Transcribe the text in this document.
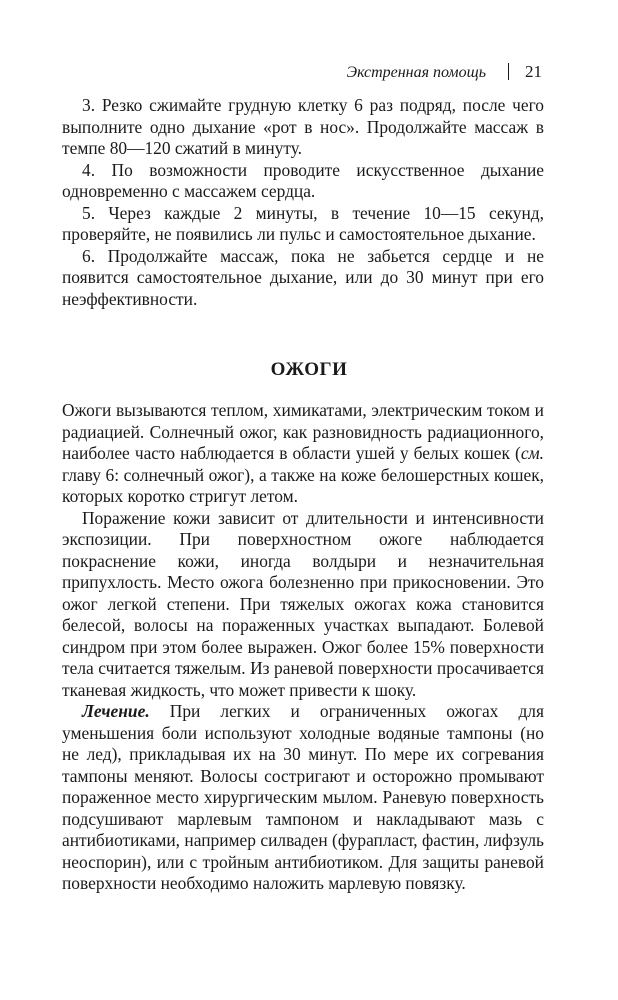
Экстренная помощь 21

3. Резко сжимайте грудную клетку 6 раз подряд, после чего выполните одно дыхание «рот в нос». Продолжайте массаж в темпе 80—120 сжатий в минуту.

4. По возможности проводите искусственное дыхание одновременно с массажем сердца.

5. Через каждые 2 минуты, в течение 10—15 секунд, проверяйте, не появились ли пульс и самостоятельное дыхание.

6. Продолжайте массаж, пока не забьется сердце и не появится самостоятельное дыхание, или до 30 минут при его неэффективности.

ОЖОГИ

Ожоги вызываются теплом, химикатами, электрическим током и радиацией. Солнечный ожог, как разновидность радиационного, наиболее часто наблюдается в области ушей у белых кошек (см. главу 6: солнечный ожог), а также на коже белошерстных кошек, которых коротко стригут летом.

Поражение кожи зависит от длительности и интенсивности экспозиции. При поверхностном ожоге наблюдается покраснение кожи, иногда волдыри и незначительная припухлость. Место ожога болезненно при прикосновении. Это ожог легкой степени. При тяжелых ожогах кожа становится белесой, волосы на пораженных участках выпадают. Болевой синдром при этом более выражен. Ожог более 15% поверхности тела считается тяжелым. Из раневой поверхности просачивается тканевая жидкость, что может привести к шоку.

Лечение. При легких и ограниченных ожогах для уменьшения боли используют холодные водяные тампоны (но не лед), прикладывая их на 30 минут. По мере их согревания тампоны меняют. Волосы состригают и осторожно промывают пораженное место хирургическим мылом. Раневую поверхность подсушивают марлевым тампоном и накладывают мазь с антибиотиками, например силваден (фурапласт, фастин, лифзуль неоспорин), или с тройным антибиотиком. Для защиты раневой поверхности необходимо наложить марлевую повязку.
